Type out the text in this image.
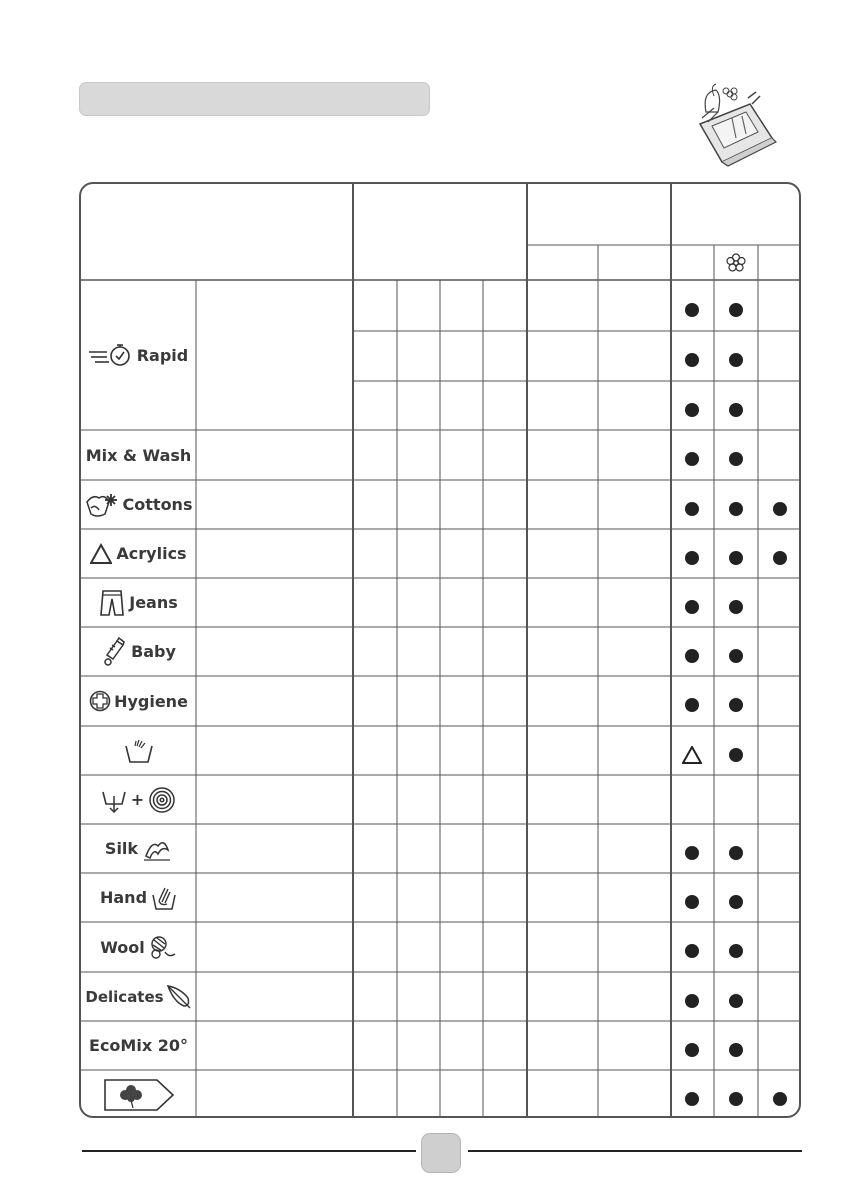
Rapid
Mix & Wash
Cottons
Acrylics
Jeans
Baby
Hygiene
+
Silk
Hand
Wool
Delicates
EcoMix 20°
